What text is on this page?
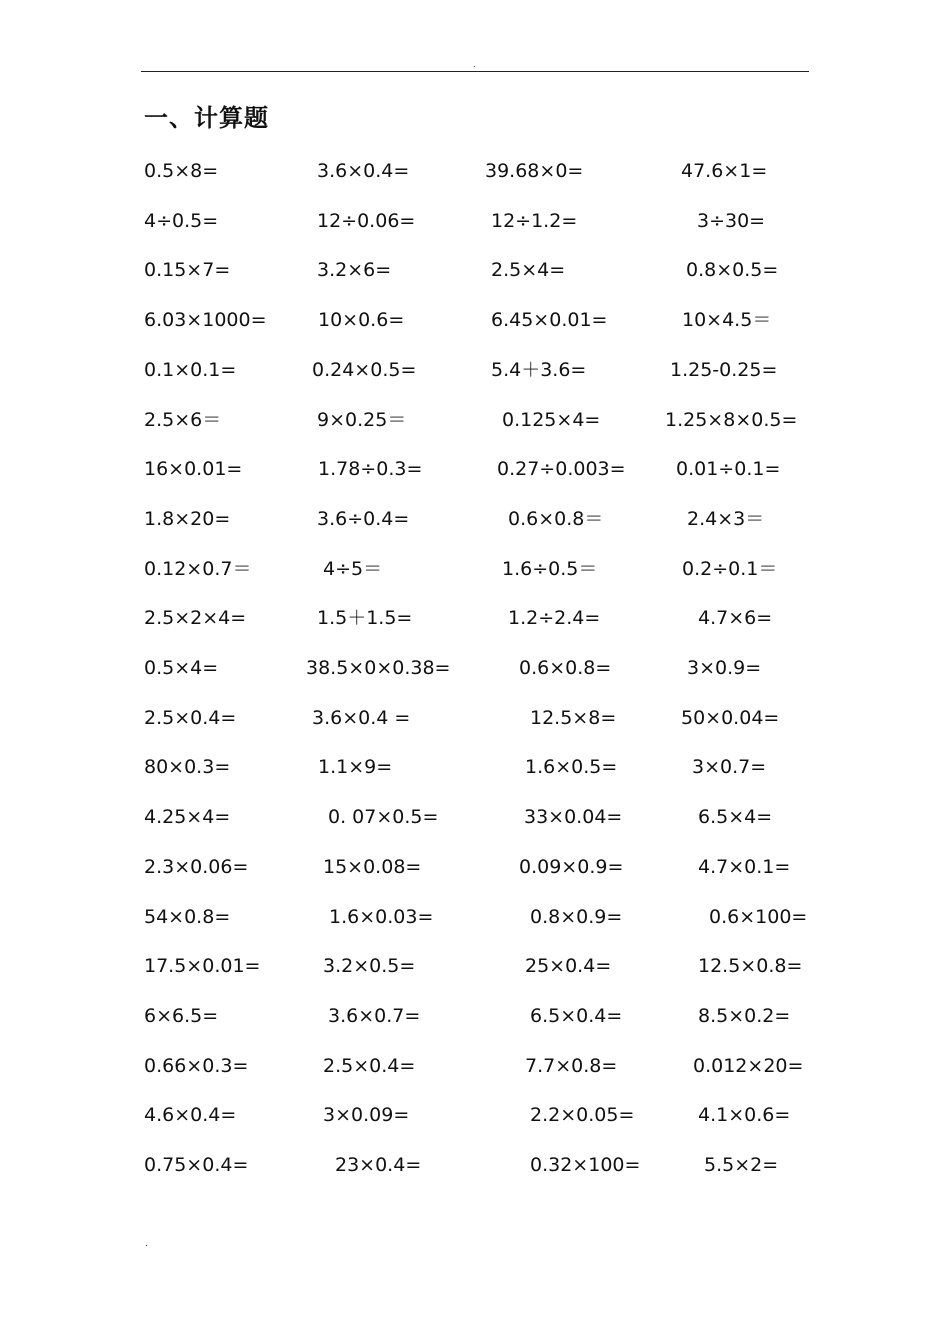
.
一、计算题
0.5×8=	3.6×0.4=	39.68×0=	47.6×1=
4÷0.5=	12÷0.06=	12÷1.2=	3÷30=
0.15×7=	3.2×6=	2.5×4=	0.8×0.5=
6.03×1000=	10×0.6=	6.45×0.01=	10×4.5＝
0.1×0.1=	0.24×0.5=	5.4＋3.6=	1.25-0.25=
2.5×6＝	9×0.25＝	0.125×4=	1.25×8×0.5=
16×0.01=	1.78÷0.3=	0.27÷0.003=	0.01÷0.1=
1.8×20=	3.6÷0.4=	0.6×0.8＝	2.4×3＝
0.12×0.7＝	4÷5＝	1.6÷0.5＝	0.2÷0.1＝
2.5×2×4=	1.5＋1.5=	1.2÷2.4=	4.7×6=
0.5×4=	38.5×0×0.38=	0.6×0.8=	3×0.9=
2.5×0.4=	3.6×0.4 =	12.5×8=	50×0.04=
80×0.3=	1.1×9=	1.6×0.5=	3×0.7=
4.25×4=	0. 07×0.5=	33×0.04=	6.5×4=
2.3×0.06=	15×0.08=	0.09×0.9=	4.7×0.1=
54×0.8=	1.6×0.03=	0.8×0.9=	0.6×100=
17.5×0.01=	3.2×0.5=	25×0.4=	12.5×0.8=
6×6.5=	3.6×0.7=	6.5×0.4=	8.5×0.2=
0.66×0.3=	2.5×0.4=	7.7×0.8=	0.012×20=
4.6×0.4=	3×0.09=	2.2×0.05=	4.1×0.6=
0.75×0.4=	23×0.4=	0.32×100=	5.5×2=
.
